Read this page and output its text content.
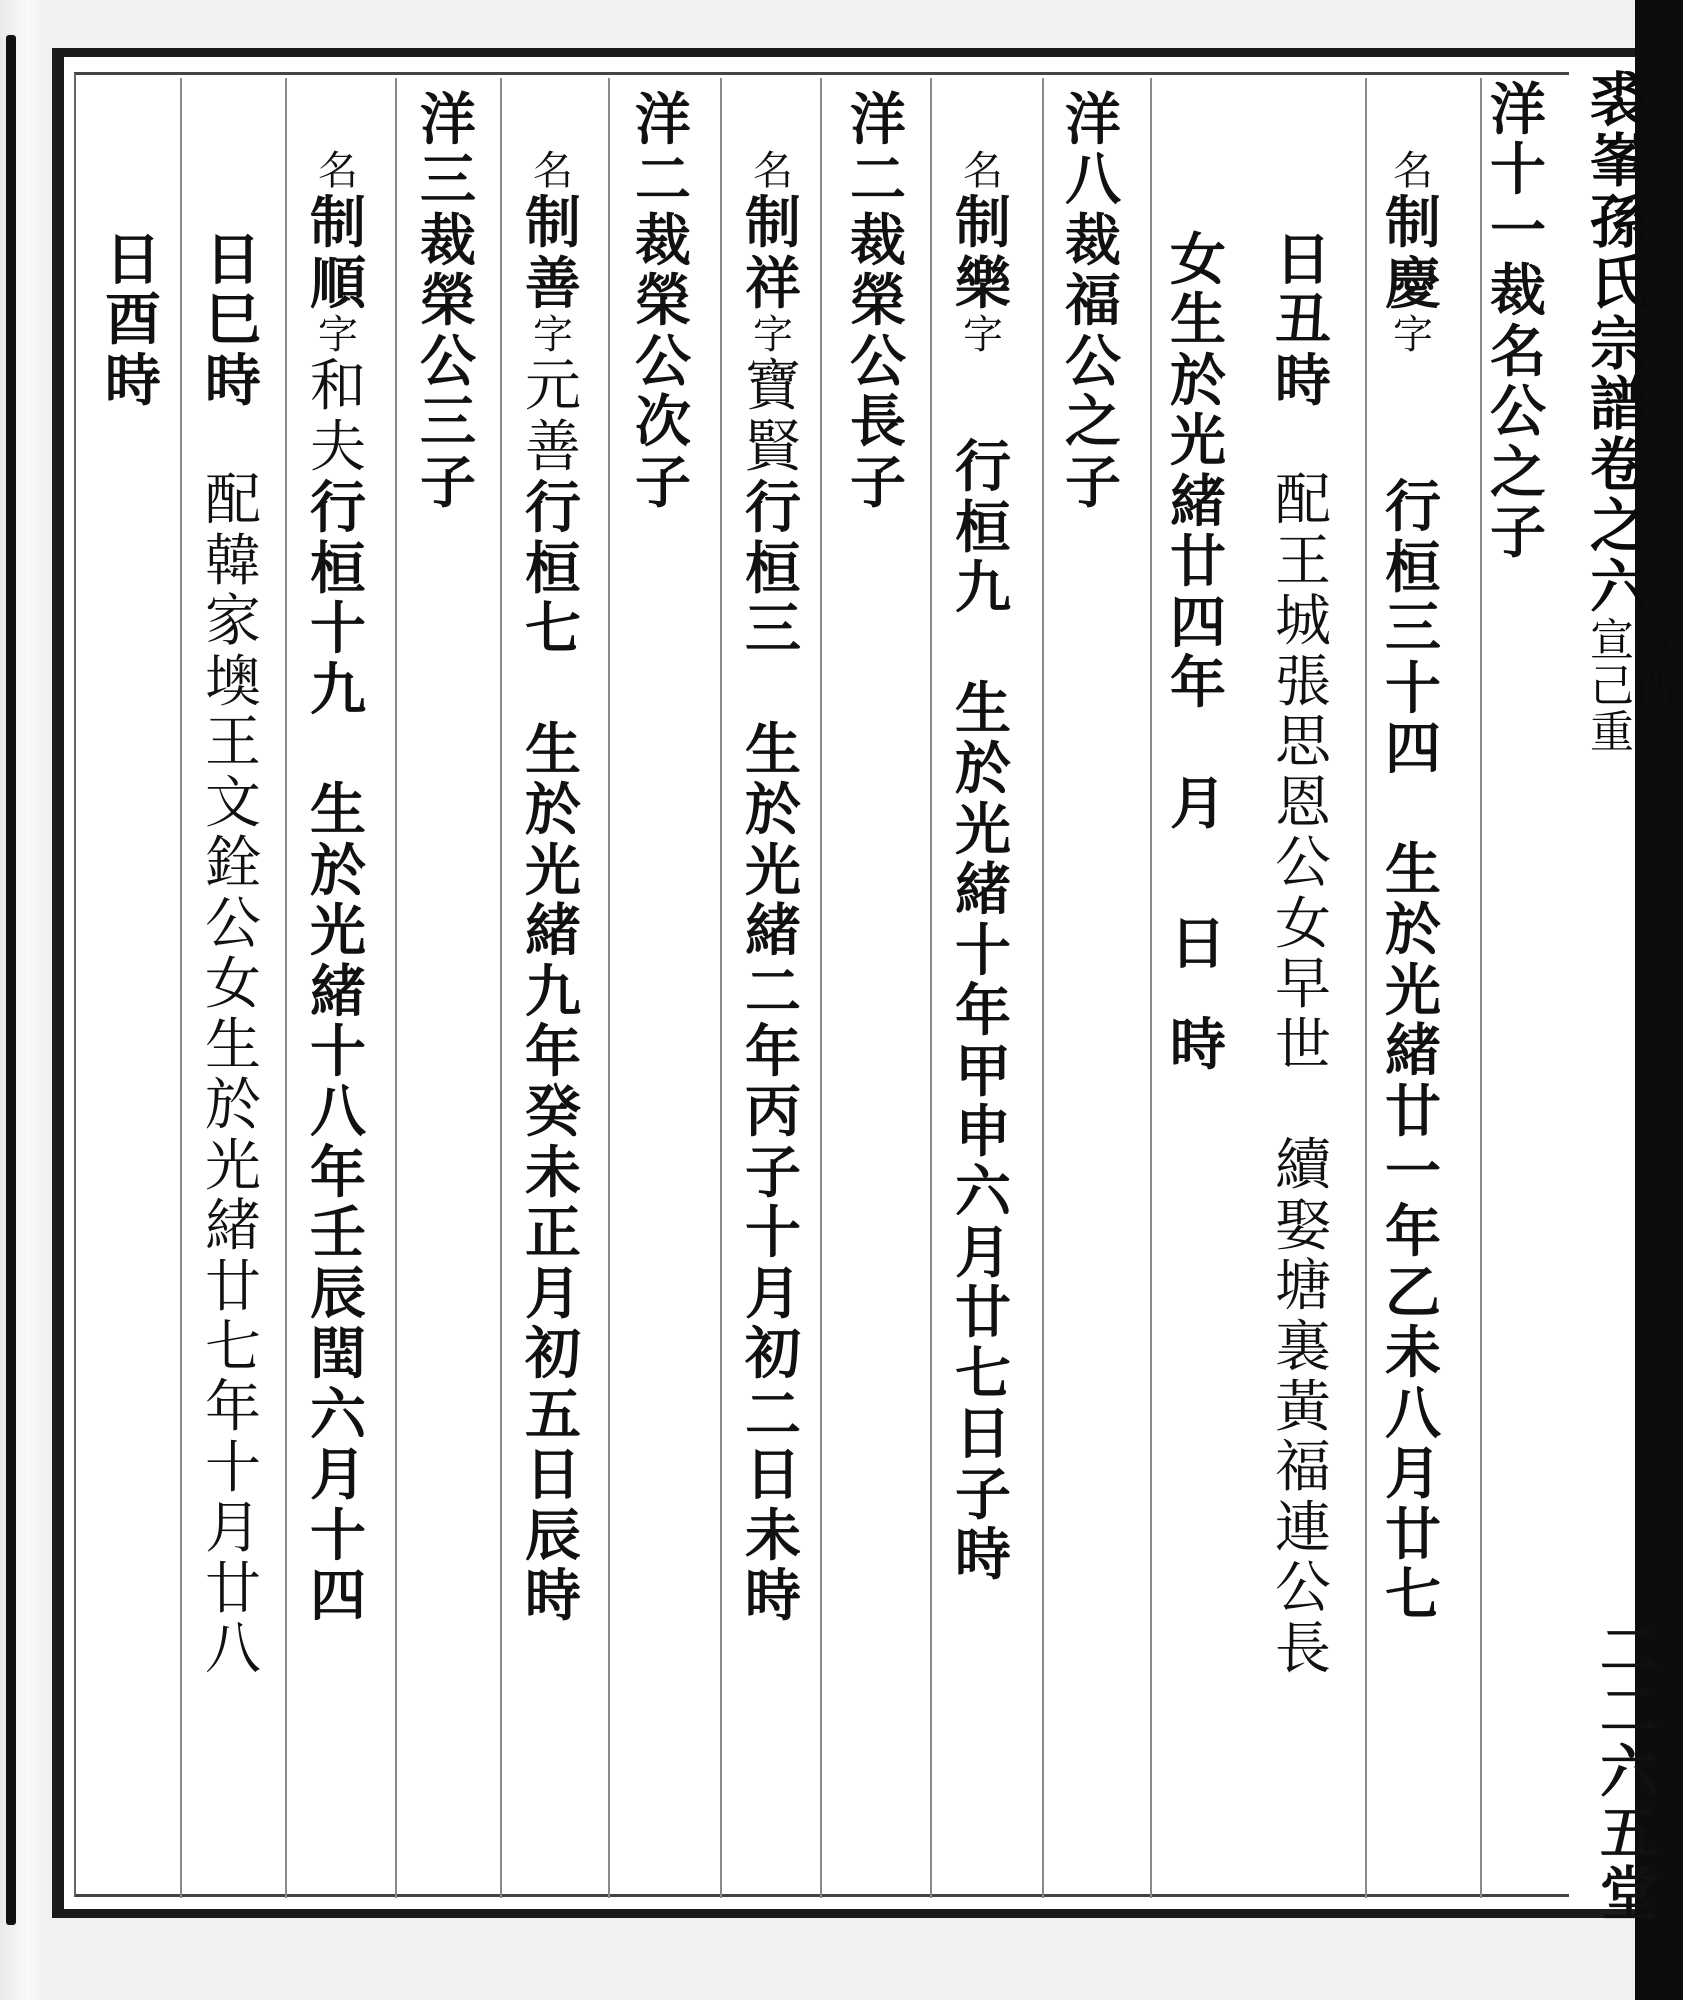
裘峯孫氏宗譜
卷之六
宣統己酉重修
二二六五堂
洋
十
一
裁
名
公
之
子
名
制
慶
字
行
桓
三
十
四
生
於
光
緒
廿
一
年
乙
未
八
月
廿
七
日
丑
時
配
王
城
張
思
恩
公
女
早
世
續
娶
塘
裏
黃
福
連
公
長
女
生
於
光
緒
廿
四
年
月
日
時
洋
八
裁
福
公
之
子
名
制
樂
字
行
桓
九
生
於
光
緒
十
年
甲
申
六
月
廿
七
日
子
時
洋
二
裁
榮
公
長
子
名
制
祥
字
寶
賢
行
桓
三
生
於
光
緒
二
年
丙
子
十
月
初
二
日
未
時
洋
二
裁
榮
公
次
子
名
制
善
字
元
善
行
桓
七
生
於
光
緒
九
年
癸
未
正
月
初
五
日
辰
時
洋
三
裁
榮
公
三
子
名
制
順
字
和
夫
行
桓
十
九
生
於
光
緒
十
八
年
壬
辰
閏
六
月
十
四
日
巳
時
配
韓
家
墺
王
文
銓
公
女
生
於
光
緒
廿
七
年
十
月
廿
八
日
酉
時
